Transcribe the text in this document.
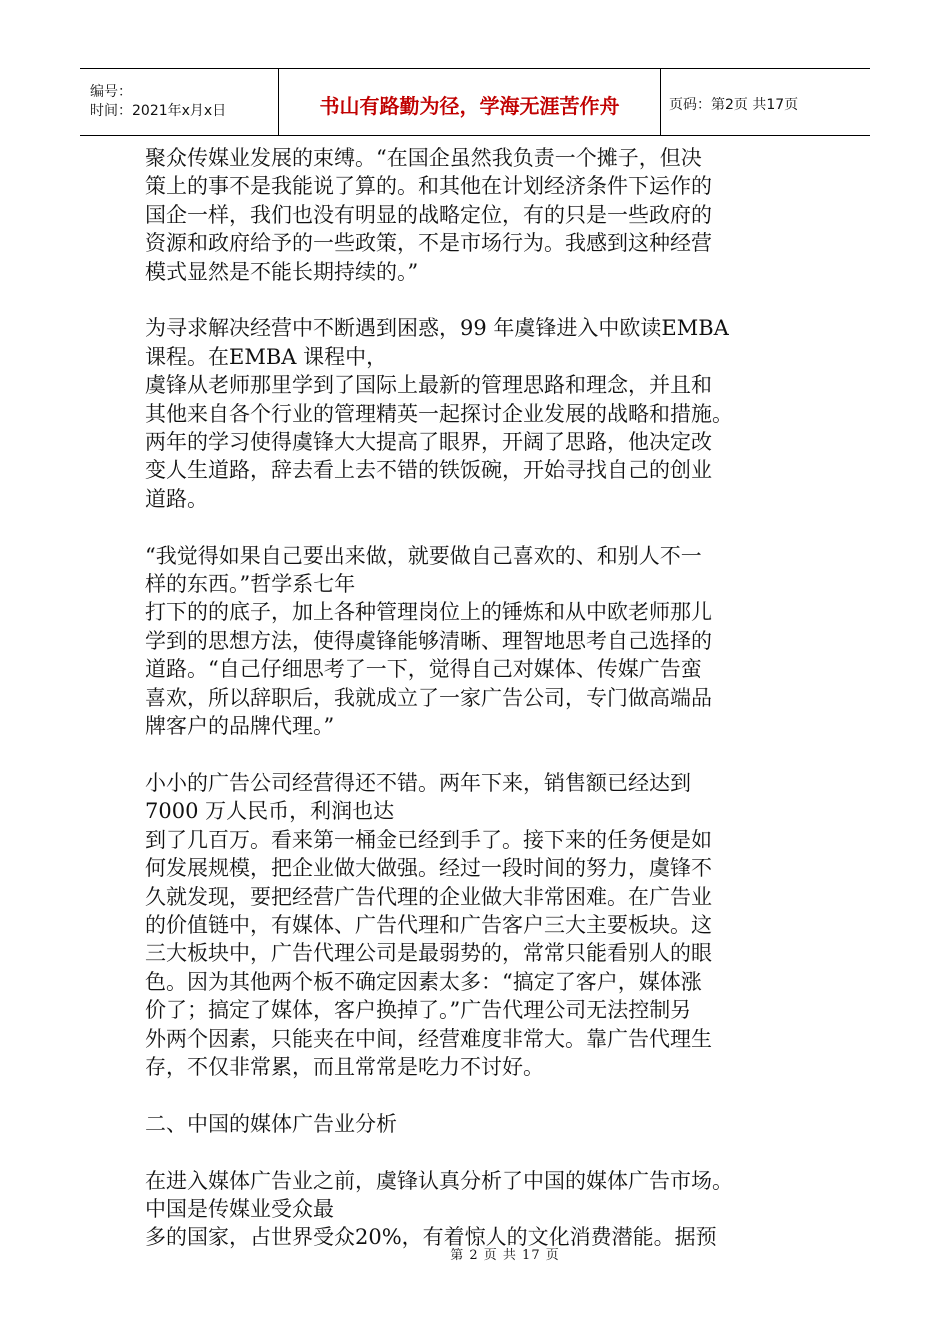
编号：
时间：2021年x月x日	书山有路勤为径，学海无涯苦作舟	页码：第2页 共17页
聚众传媒业发展的束缚。“在国企虽然我负责一个摊子，但决
策上的事不是我能说了算的。和其他在计划经济条件下运作的
国企一样，我们也没有明显的战略定位，有的只是一些政府的
资源和政府给予的一些政策，不是市场行为。我感到这种经营
模式显然是不能长期持续的。”
为寻求解决经营中不断遇到困惑，99 年虞锋进入中欧读EMBA
课程。在EMBA 课程中，
虞锋从老师那里学到了国际上最新的管理思路和理念，并且和
其他来自各个行业的管理精英一起探讨企业发展的战略和措施。
两年的学习使得虞锋大大提高了眼界，开阔了思路，他决定改
变人生道路，辞去看上去不错的铁饭碗，开始寻找自己的创业
道路。
“我觉得如果自己要出来做，就要做自己喜欢的、和别人不一
样的东西。”哲学系七年
打下的的底子，加上各种管理岗位上的锤炼和从中欧老师那儿
学到的思想方法，使得虞锋能够清晰、理智地思考自己选择的
道路。“自己仔细思考了一下，觉得自己对媒体、传媒广告蛮
喜欢，所以辞职后，我就成立了一家广告公司，专门做高端品
牌客户的品牌代理。”
小小的广告公司经营得还不错。两年下来，销售额已经达到
7000 万人民币，利润也达
到了几百万。看来第一桶金已经到手了。接下来的任务便是如
何发展规模，把企业做大做强。经过一段时间的努力，虞锋不
久就发现，要把经营广告代理的企业做大非常困难。在广告业
的价值链中，有媒体、广告代理和广告客户三大主要板块。这
三大板块中，广告代理公司是最弱势的，常常只能看别人的眼
色。因为其他两个板不确定因素太多：“搞定了客户，媒体涨
价了；搞定了媒体，客户换掉了。”广告代理公司无法控制另
外两个因素，只能夹在中间，经营难度非常大。靠广告代理生
存，不仅非常累，而且常常是吃力不讨好。
二、中国的媒体广告业分析
在进入媒体广告业之前，虞锋认真分析了中国的媒体广告市场。
中国是传媒业受众最
多的国家，占世界受众20%，有着惊人的文化消费潜能。据预
第 2 页 共 17 页
